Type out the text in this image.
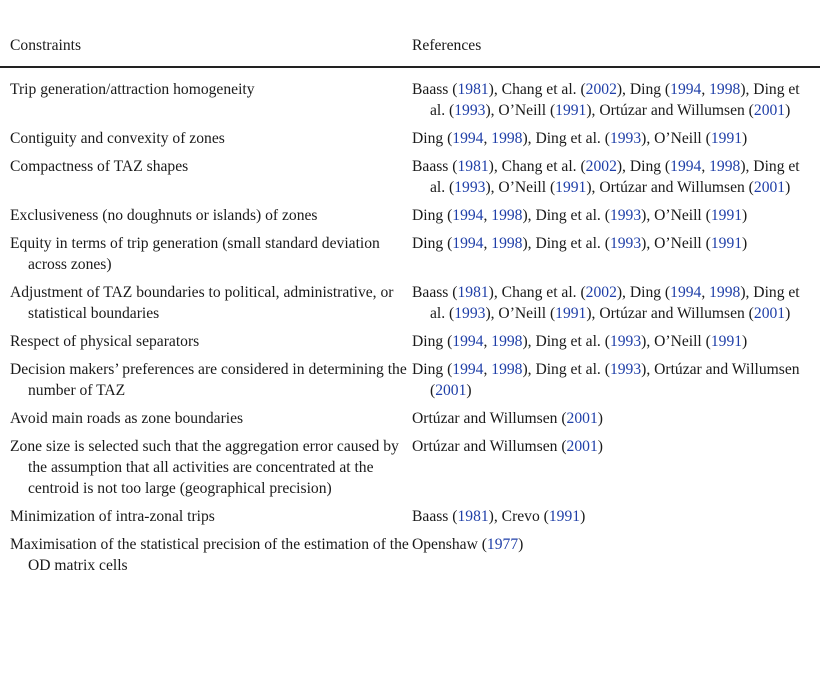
Constraints	References

Trip generation/attraction homogeneity	Baass (1981), Chang et al. (2002), Ding (1994, 1998), Ding et al. (1993), O’Neill (1991), Ortúzar and Willumsen (2001)

Contiguity and convexity of zones	Ding (1994, 1998), Ding et al. (1993), O’Neill (1991)

Compactness of TAZ shapes	Baass (1981), Chang et al. (2002), Ding (1994, 1998), Ding et al. (1993), O’Neill (1991), Ortúzar and Willumsen (2001)

Exclusiveness (no doughnuts or islands) of zones	Ding (1994, 1998), Ding et al. (1993), O’Neill (1991)

Equity in terms of trip generation (small standard deviation across zones)	Ding (1994, 1998), Ding et al. (1993), O’Neill (1991)

Adjustment of TAZ boundaries to political, administrative, or statistical boundaries	Baass (1981), Chang et al. (2002), Ding (1994, 1998), Ding et al. (1993), O’Neill (1991), Ortúzar and Willumsen (2001)

Respect of physical separators	Ding (1994, 1998), Ding et al. (1993), O’Neill (1991)

Decision makers’ preferences are considered in determining the number of TAZ	Ding (1994, 1998), Ding et al. (1993), Ortúzar and Willumsen (2001)

Avoid main roads as zone boundaries	Ortúzar and Willumsen (2001)

Zone size is selected such that the aggregation error caused by the assumption that all activities are concentrated at the centroid is not too large (geographical precision)	Ortúzar and Willumsen (2001)

Minimization of intra-zonal trips	Baass (1981), Crevo (1991)

Maximisation of the statistical precision of the estimation of the OD matrix cells	Openshaw (1977)
